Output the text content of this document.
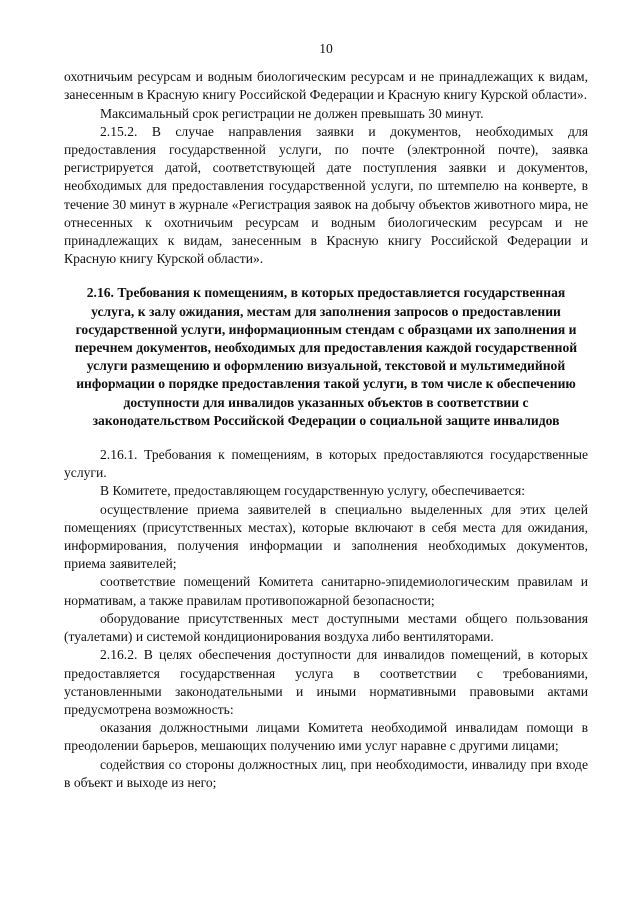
10

охотничьим ресурсам и водным биологическим ресурсам и не принадлежащих к видам, занесенным в Красную книгу Российской Федерации и Красную книгу Курской области».

Максимальный срок регистрации не должен превышать 30 минут.

2.15.2. В случае направления заявки и документов, необходимых для предоставления государственной услуги, по почте (электронной почте), заявка регистрируется датой, соответствующей дате поступления заявки и документов, необходимых для предоставления государственной услуги, по штемпелю на конверте, в течение 30 минут в журнале «Регистрация заявок на добычу объектов животного мира, не отнесенных к охотничьим ресурсам и водным биологическим ресурсам и не принадлежащих к видам, занесенным в Красную книгу Российской Федерации и Красную книгу Курской области».

2.16. Требования к помещениям, в которых предоставляется государственная услуга, к залу ожидания, местам для заполнения запросов о предоставлении государственной услуги, информационным стендам с образцами их заполнения и перечнем документов, необходимых для предоставления каждой государственной услуги размещению и оформлению визуальной, текстовой и мультимедийной информации о порядке предоставления такой услуги, в том числе к обеспечению доступности для инвалидов указанных объектов в соответствии с законодательством Российской Федерации о социальной защите инвалидов

2.16.1. Требования к помещениям, в которых предоставляются государственные услуги.

В Комитете, предоставляющем государственную услугу, обеспечивается:

осуществление приема заявителей в специально выделенных для этих целей помещениях (присутственных местах), которые включают в себя места для ожидания, информирования, получения информации и заполнения необходимых документов, приема заявителей;

соответствие помещений Комитета санитарно-эпидемиологическим правилам и нормативам, а также правилам противопожарной безопасности;

оборудование присутственных мест доступными местами общего пользования (туалетами) и системой кондиционирования воздуха либо вентиляторами.

2.16.2. В целях обеспечения доступности для инвалидов помещений, в которых предоставляется государственная услуга в соответствии с требованиями, установленными законодательными и иными нормативными правовыми актами предусмотрена возможность:

оказания должностными лицами Комитета необходимой инвалидам помощи в преодолении барьеров, мешающих получению ими услуг наравне с другими лицами;

содействия со стороны должностных лиц, при необходимости, инвалиду при входе в объект и выходе из него;
